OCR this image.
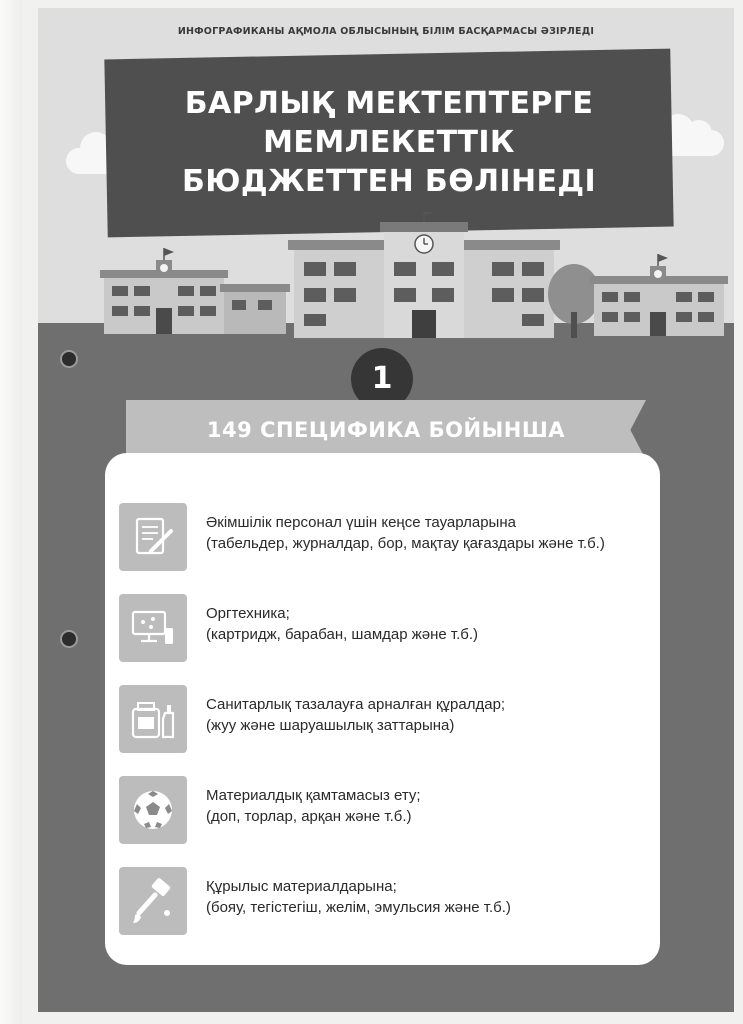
ИНФОГРАФИКАНЫ АҚМОЛА ОБЛЫСЫНЫҢ БІЛІМ БАСҚАРМАСЫ ӘЗІРЛЕДІ
БАРЛЫҚ МЕКТЕПТЕРГЕ
МЕМЛЕКЕТТІК
БЮДЖЕТТЕН БӨЛІНЕДІ
1
149 СПЕЦИФИКА БОЙЫНША
Әкімшілік персонал үшін кеңсе тауарларына
(табельдер, журналдар, бор, мақтау қағаздары және т.б.)
Оргтехника;
(картридж, барабан, шамдар және т.б.)
Санитарлық тазалауға арналған құралдар;
(жуу және шаруашылық заттарына)
Материалдық қамтамасыз ету;
(доп, торлар, арқан және т.б.)
Құрылыс материалдарына;
(бояу, тегістегіш, желім, эмульсия және т.б.)
